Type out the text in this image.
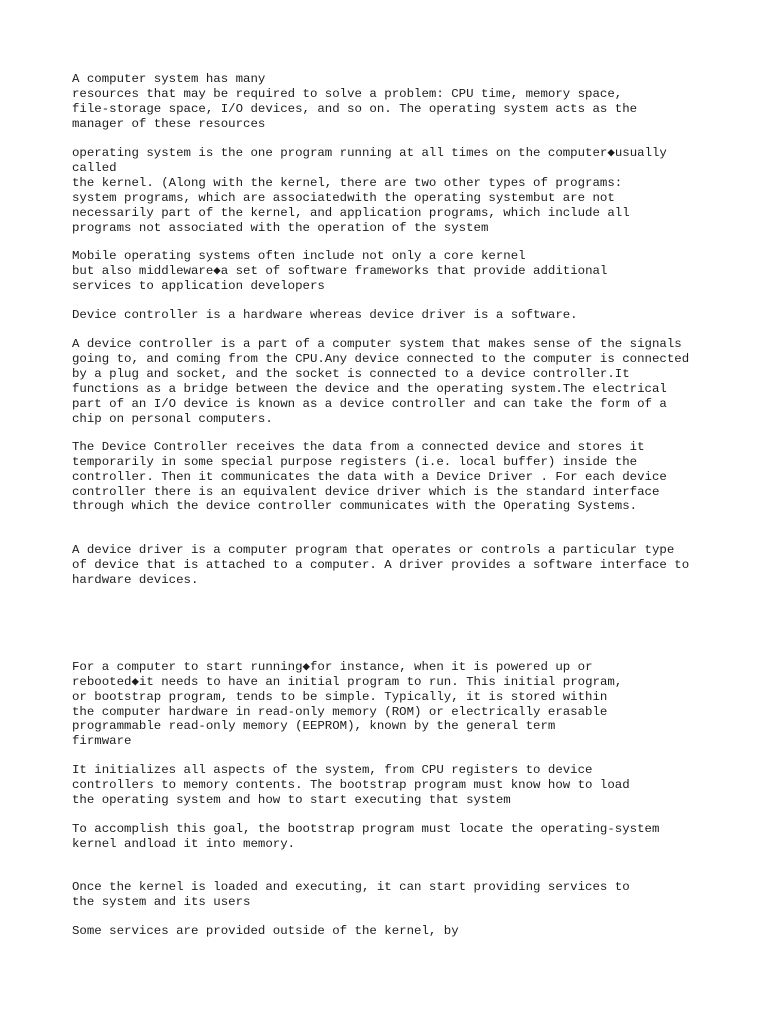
A computer system has many

resources that may be required to solve a problem: CPU time, memory space,

file-storage space, I/O devices, and so on. The operating system acts as the

manager of these resources

operating system is the one program running at all times on the computer◆usually

called

the kernel. (Along with the kernel, there are two other types of programs:

system programs, which are associatedwith the operating systembut are not

necessarily part of the kernel, and application programs, which include all

programs not associated with the operation of the system

Mobile operating systems often include not only a core kernel

but also middleware◆a set of software frameworks that provide additional

services to application developers

Device controller is a hardware whereas device driver is a software.

A device controller is a part of a computer system that makes sense of the signals

going to, and coming from the CPU.Any device connected to the computer is connected

by a plug and socket, and the socket is connected to a device controller.It

functions as a bridge between the device and the operating system.The electrical

part of an I/O device is known as a device controller and can take the form of a

chip on personal computers.

The Device Controller receives the data from a connected device and stores it

temporarily in some special purpose registers (i.e. local buffer) inside the

controller. Then it communicates the data with a Device Driver . For each device

controller there is an equivalent device driver which is the standard interface

through which the device controller communicates with the Operating Systems.

A device driver is a computer program that operates or controls a particular type

of device that is attached to a computer. A driver provides a software interface to

hardware devices.

For a computer to start running◆for instance, when it is powered up or

rebooted◆it needs to have an initial program to run. This initial program,

or bootstrap program, tends to be simple. Typically, it is stored within

the computer hardware in read-only memory (ROM) or electrically erasable

programmable read-only memory (EEPROM), known by the general term

firmware

It initializes all aspects of the system, from CPU registers to device

controllers to memory contents. The bootstrap program must know how to load

the operating system and how to start executing that system

To accomplish this goal, the bootstrap program must locate the operating-system

kernel andload it into memory.

Once the kernel is loaded and executing, it can start providing services to

the system and its users

Some services are provided outside of the kernel, by
